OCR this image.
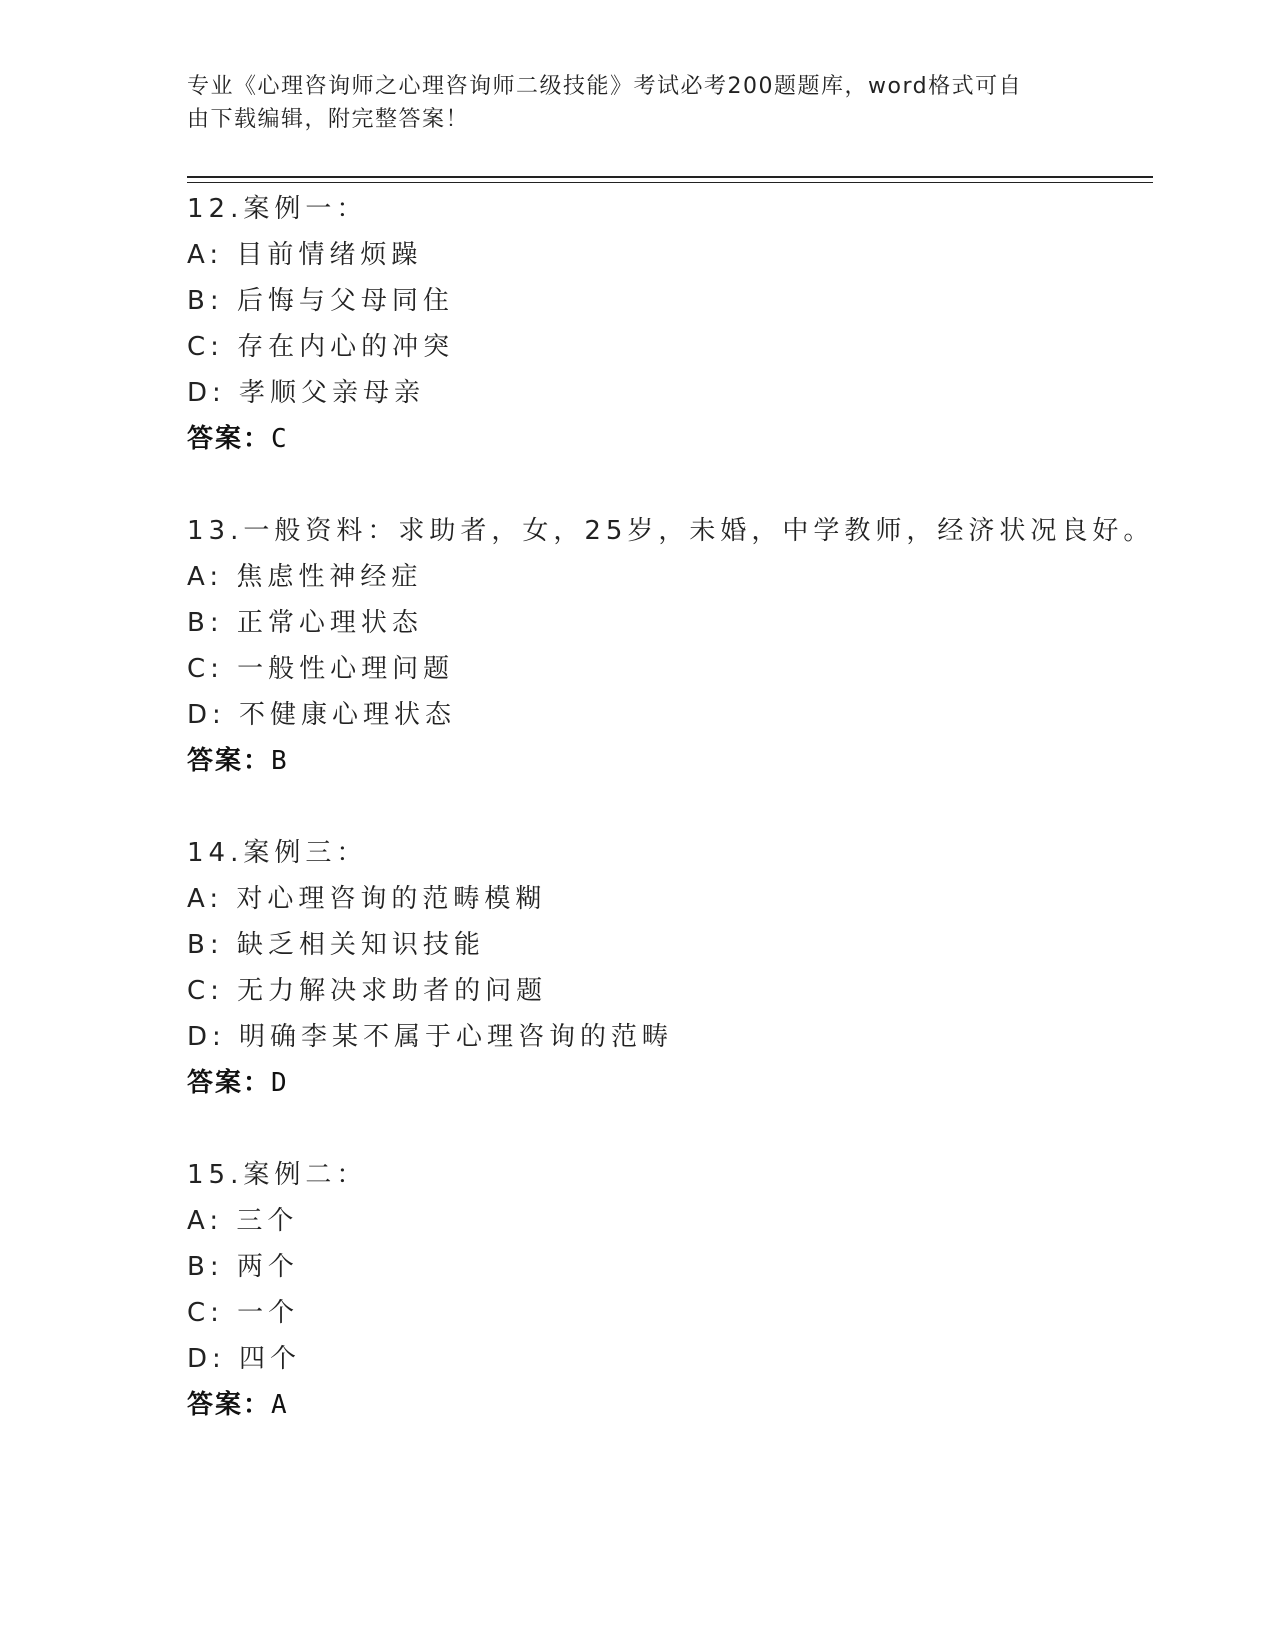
专业《心理咨询师之心理咨询师二级技能》考试必考200题题库，word格式可自
由下载编辑，附完整答案！
12.案例一：
A: 目前情绪烦躁
B: 后悔与父母同住
C: 存在内心的冲突
D: 孝顺父亲母亲
答案：C
13.一般资料：求助者，女，25岁，未婚，中学教师，经济状况良好。
A: 焦虑性神经症
B: 正常心理状态
C: 一般性心理问题
D: 不健康心理状态
答案：B
14.案例三：
A: 对心理咨询的范畴模糊
B: 缺乏相关知识技能
C: 无力解决求助者的问题
D: 明确李某不属于心理咨询的范畴
答案：D
15.案例二：
A: 三个
B: 两个
C: 一个
D: 四个
答案：A
